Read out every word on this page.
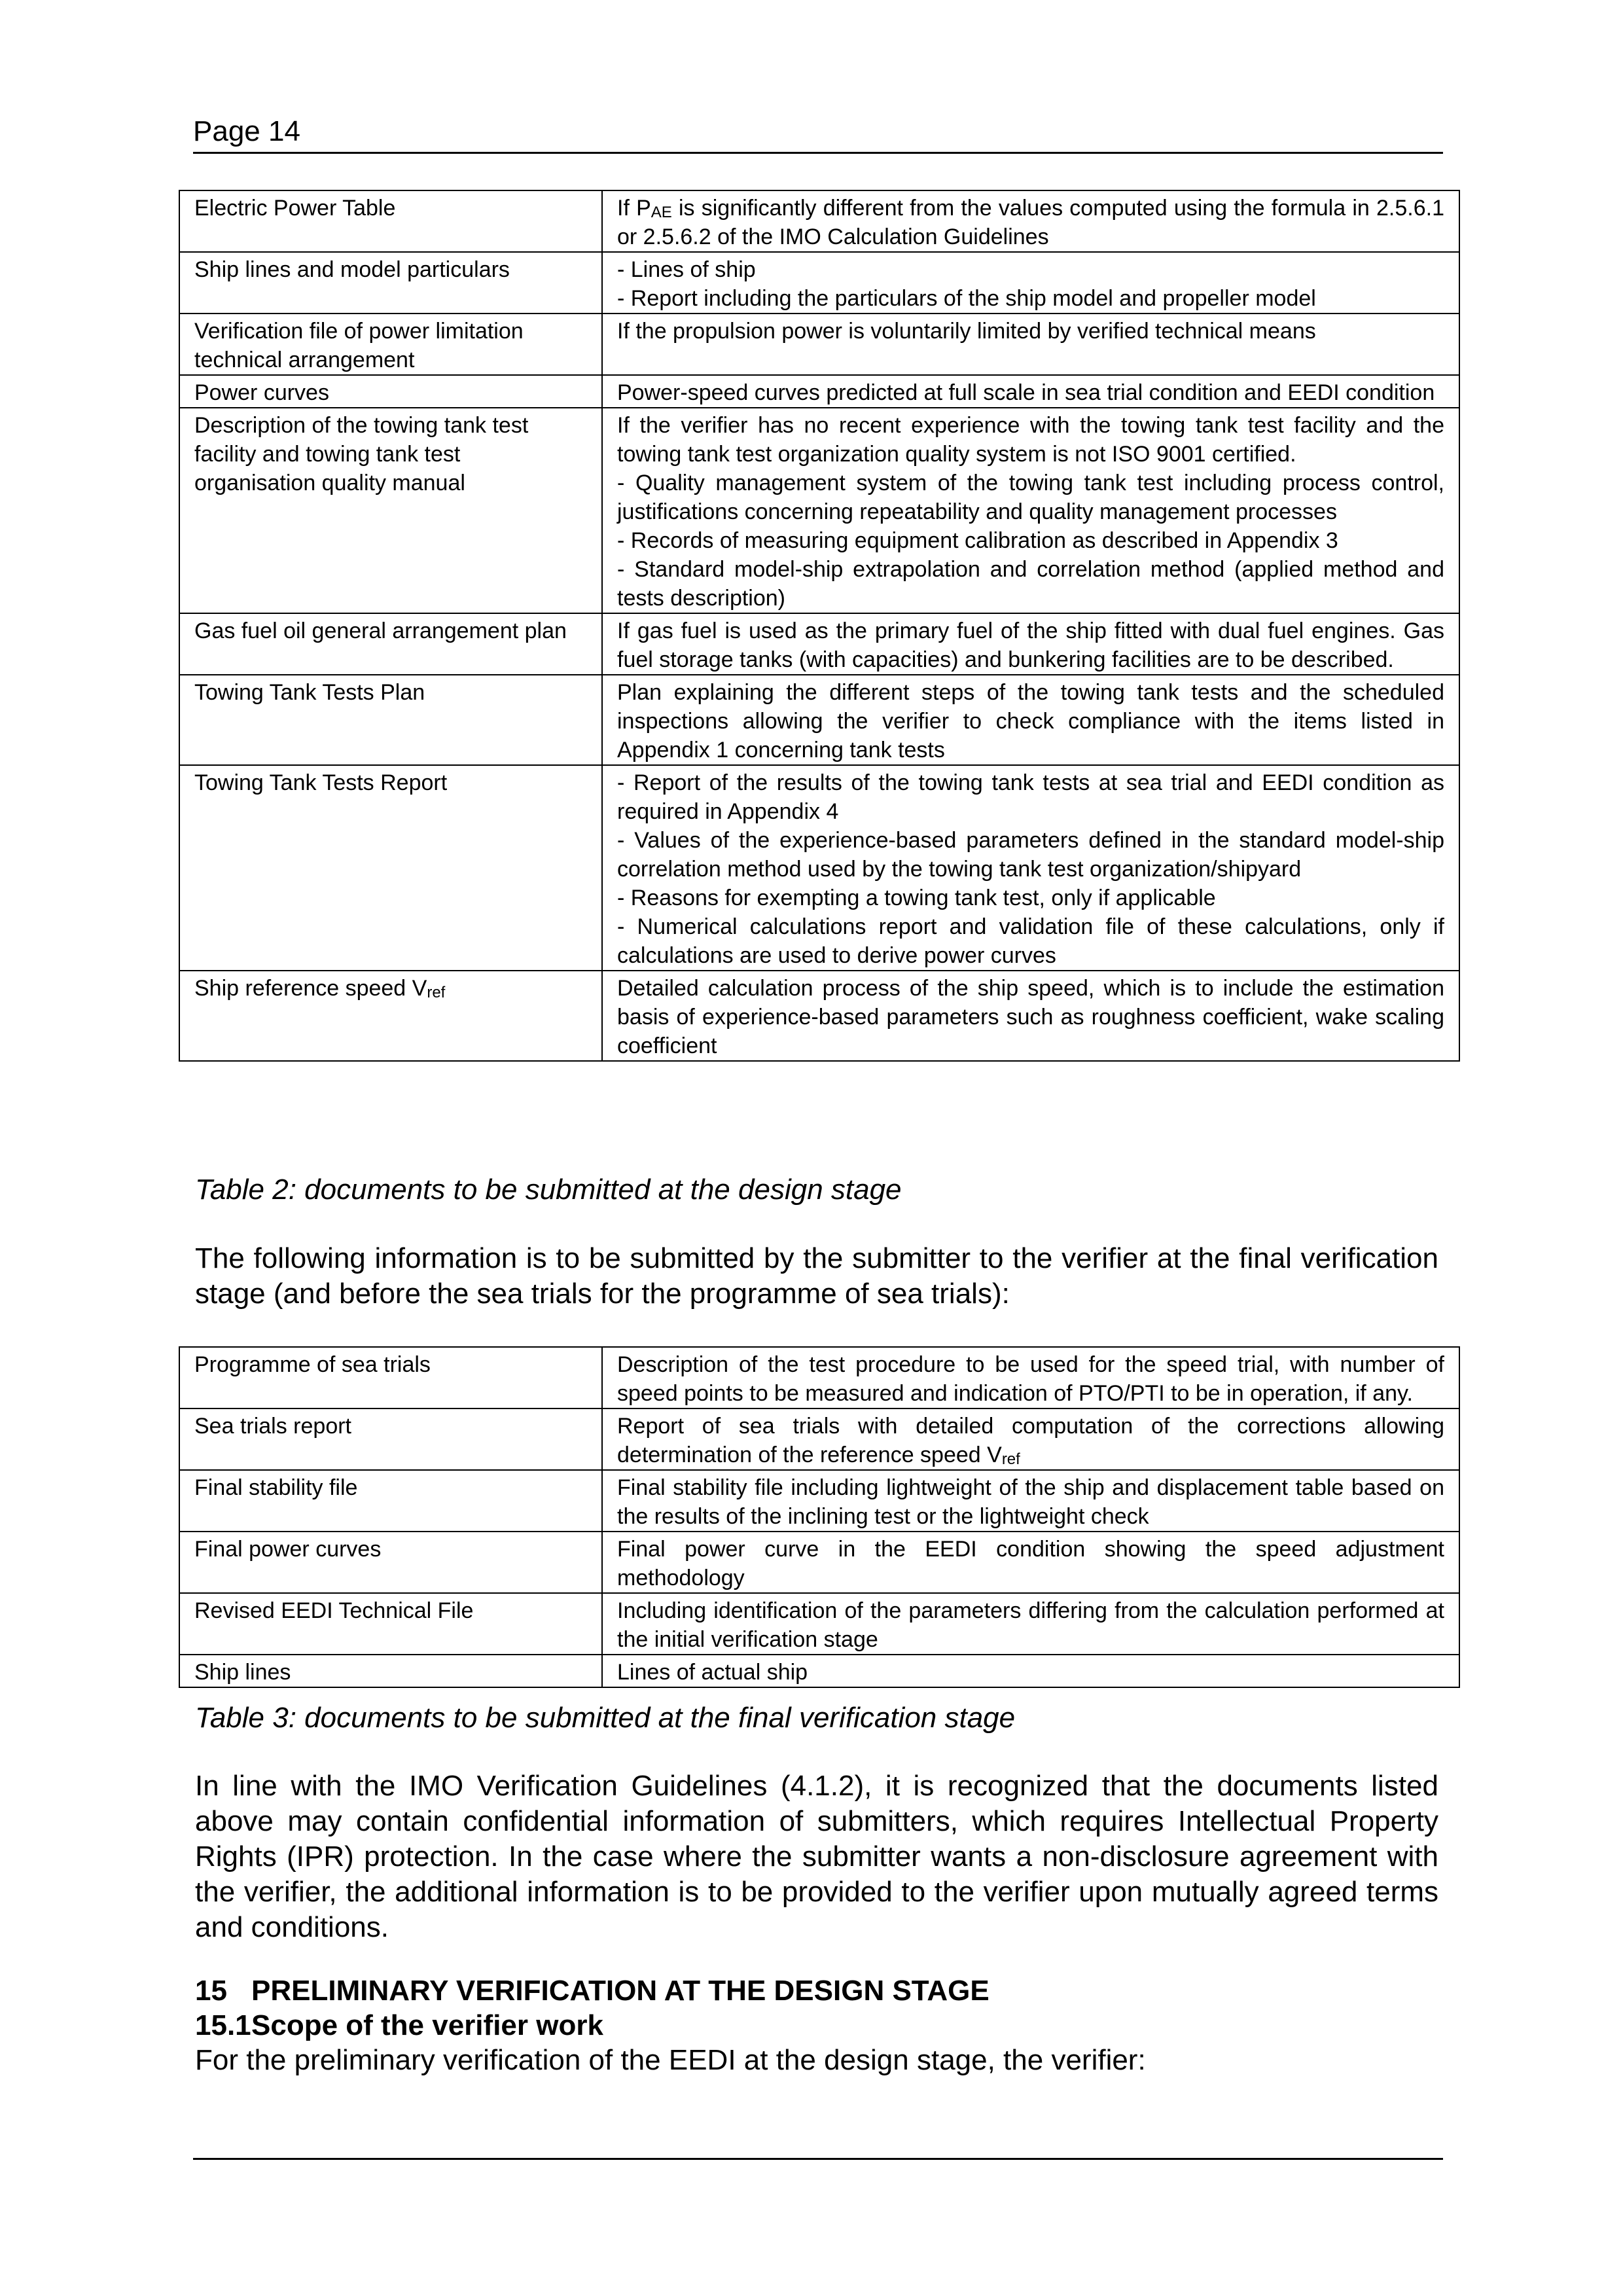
Page 14
Electric Power Table	If $P_{AE}$ is significantly different from the values computed using the formula in 2.5.6.1 or 2.5.6.2 of the IMO Calculation Guidelines

Ship lines and model particulars	- Lines of ship
- Report including the particulars of the ship model and propeller model

Verification file of power limitation technical arrangement	If the propulsion power is voluntarily limited by verified technical means

Power curves	Power-speed curves predicted at full scale in sea trial condition and EEDI condition

Description of the towing tank test facility and towing tank test organisation quality manual	If the verifier has no recent experience with the towing tank test facility and the towing tank test organization quality system is not ISO 9001 certified.
- Quality management system of the towing tank test including process control, justifications concerning repeatability and quality management processes
- Records of measuring equipment calibration as described in Appendix 3
- Standard model-ship extrapolation and correlation method (applied method and tests description)

Gas fuel oil general arrangement plan	If gas fuel is used as the primary fuel of the ship fitted with dual fuel engines. Gas fuel storage tanks (with capacities) and bunkering facilities are to be described.

Towing Tank Tests Plan	Plan explaining the different steps of the towing tank tests and the scheduled inspections allowing the verifier to check compliance with the items listed in Appendix 1 concerning tank tests

Towing Tank Tests Report	- Report of the results of the towing tank tests at sea trial and EEDI condition as required in Appendix 4
- Values of the experience-based parameters defined in the standard model-ship correlation method used by the towing tank test organization/shipyard
- Reasons for exempting a towing tank test, only if applicable
- Numerical calculations report and validation file of these calculations, only if calculations are used to derive power curves

Ship reference speed $V_{ref}$	Detailed calculation process of the ship speed, which is to include the estimation basis of experience-based parameters such as roughness coefficient, wake scaling coefficient
Table 2: documents to be submitted at the design stage
The following information is to be submitted by the submitter to the verifier at the final verification stage (and before the sea trials for the programme of sea trials):
Programme of sea trials	Description of the test procedure to be used for the speed trial, with number of speed points to be measured and indication of PTO/PTI to be in operation, if any.
Sea trials report	Report of sea trials with detailed computation of the corrections allowing determination of the reference speed $V_{ref}$
Final stability file	Final stability file including lightweight of the ship and displacement table based on the results of the inclining test or the lightweight check
Final power curves	Final power curve in the EEDI condition showing the speed adjustment methodology
Revised EEDI Technical File	Including identification of the parameters differing from the calculation performed at the initial verification stage
Ship lines	Lines of actual ship
Table 3: documents to be submitted at the final verification stage
In line with the IMO Verification Guidelines (4.1.2), it is recognized that the documents listed above may contain confidential information of submitters, which requires Intellectual Property Rights (IPR) protection. In the case where the submitter wants a non-disclosure agreement with the verifier, the additional information is to be provided to the verifier upon mutually agreed terms and conditions.
15 PRELIMINARY VERIFICATION AT THE DESIGN STAGE
15.1Scope of the verifier work
For the preliminary verification of the EEDI at the design stage, the verifier:
